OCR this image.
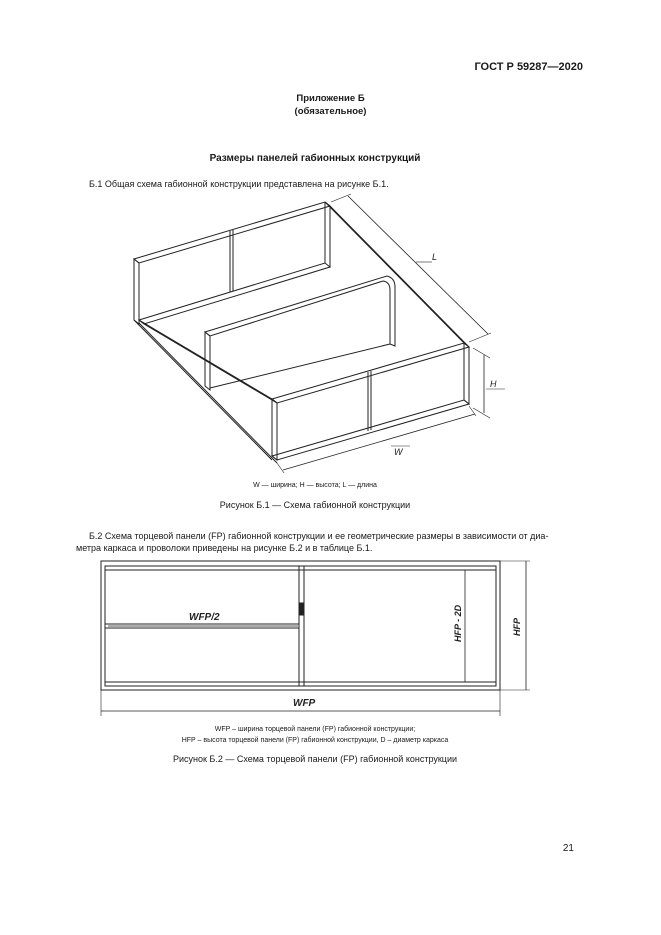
ГОСТ Р 59287—2020
Приложение Б
(обязательное)
Размеры панелей габионных конструкций
Б.1 Общая схема габионной конструкции представлена на рисунке Б.1.
L
H
W
WFP/2
WFP
HFP - 2D	HFP
W — ширина; H — высота; L — длина
Рисунок Б.1 — Схема габионной конструкции
Б.2 Схема торцевой панели (FP) габионной конструкции и ее геометрические размеры в зависимости от диа-
метра каркаса и проволоки приведены на рисунке Б.2 и в таблице Б.1.
WFP – ширина торцевой панели (FP) габионной конструкции;
HFP – высота торцевой панели (FP) габионной конструкции, D – диаметр каркаса
Рисунок Б.2 — Схема торцевой панели (FP) габионной конструкции
21
